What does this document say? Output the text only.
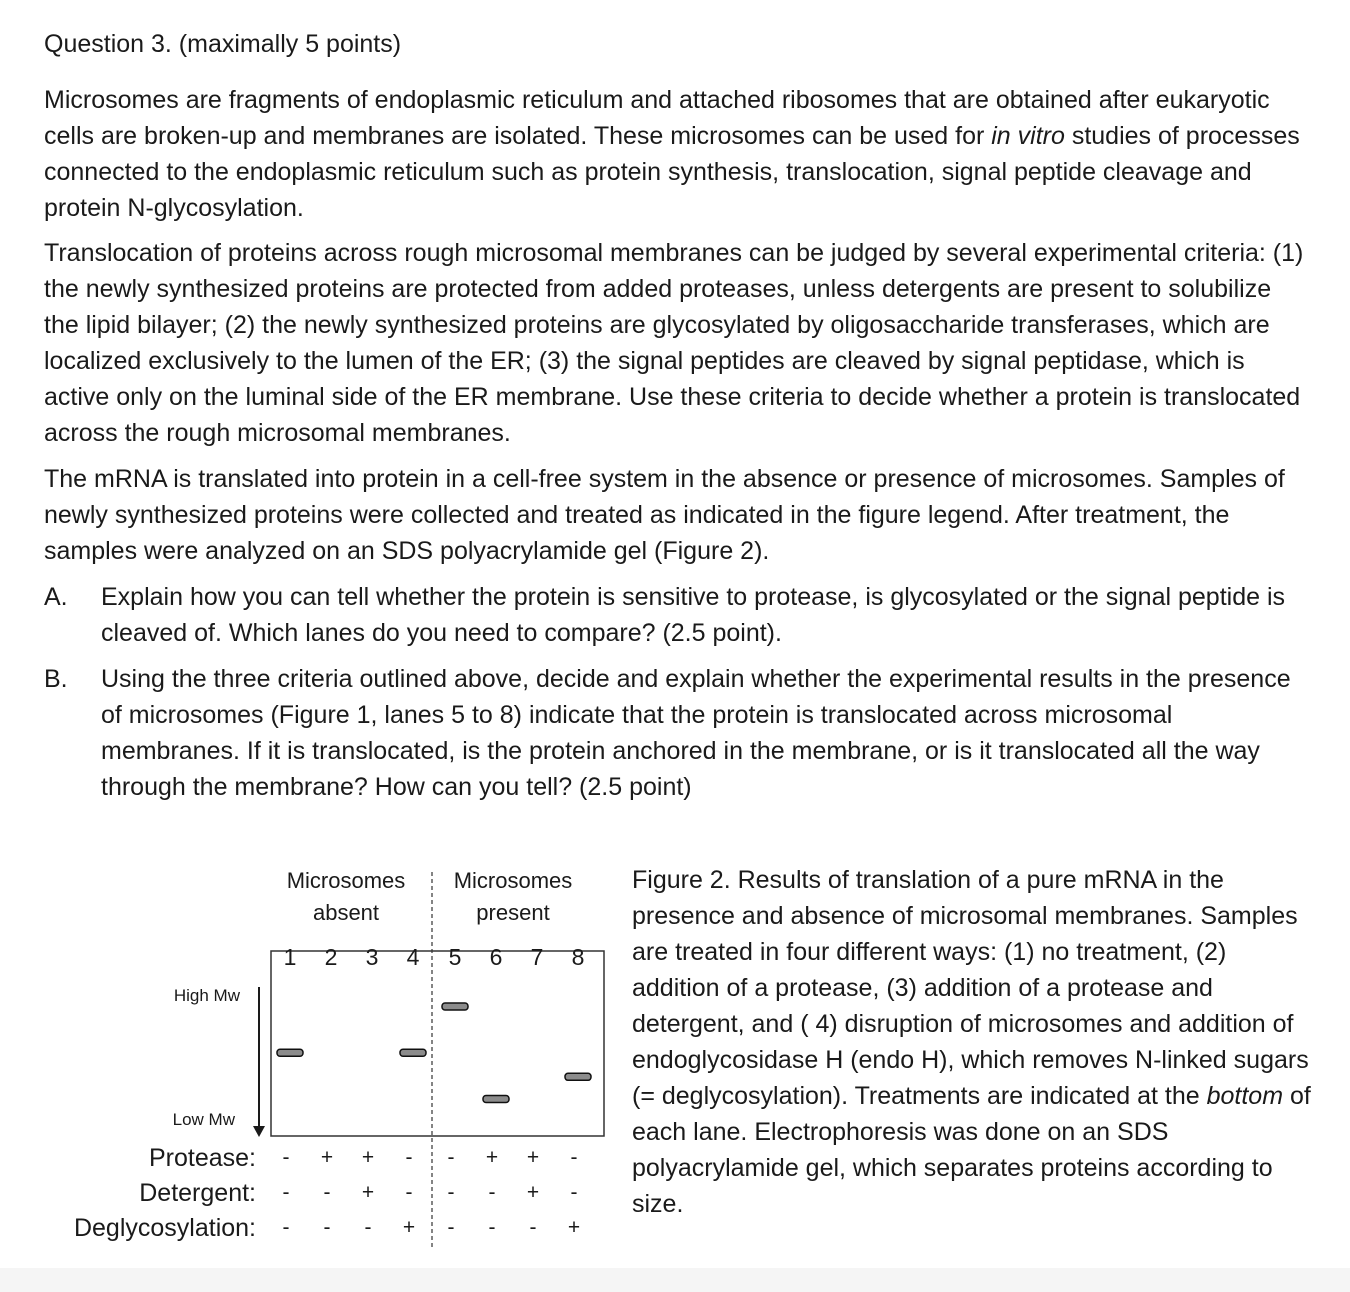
Question 3. (maximally 5 points)

Microsomes are fragments of endoplasmic reticulum and attached ribosomes that are obtained after eukaryotic cells are broken-up and membranes are isolated. These microsomes can be used for in vitro studies of processes connected to the endoplasmic reticulum such as protein synthesis, translocation, signal peptide cleavage and protein N-glycosylation.

Translocation of proteins across rough microsomal membranes can be judged by several experimental criteria: (1) the newly synthesized proteins are protected from added proteases, unless detergents are present to solubilize the lipid bilayer; (2) the newly synthesized proteins are glycosylated by oligosaccharide transferases, which are localized exclusively to the lumen of the ER; (3) the signal peptides are cleaved by signal peptidase, which is active only on the luminal side of the ER membrane. Use these criteria to decide whether a protein is translocated across the rough microsomal membranes.

The mRNA is translated into protein in a cell-free system in the absence or presence of microsomes. Samples of newly synthesized proteins were collected and treated as indicated in the figure legend. After treatment, the samples were analyzed on an SDS polyacrylamide gel (Figure 2).

A. Explain how you can tell whether the protein is sensitive to protease, is glycosylated or the signal peptide is cleaved of. Which lanes do you need to compare? (2.5 point).
B. Using the three criteria outlined above, decide and explain whether the experimental results in the presence of microsomes (Figure 1, lanes 5 to 8) indicate that the protein is translocated across microsomal membranes. If it is translocated, is the protein anchored in the membrane, or is it translocated all the way through the membrane? How can you tell? (2.5 point)
Microsomes
absent
Microsomes
present
High Mw
Low Mw
1 2 3 4 5 6 7 8
Protease: - + + - - + + -
Detergent: - - + - - - + -
Deglycosylation: - - - + - - - +

Figure 2. Results of translation of a pure mRNA in the presence and absence of microsomal membranes. Samples are treated in four different ways: (1) no treatment, (2) addition of a protease, (3) addition of a protease and detergent, and ( 4) disruption of microsomes and addition of endoglycosidase H (endo H), which removes N-linked sugars (= deglycosylation). Treatments are indicated at the bottom of each lane. Electrophoresis was done on an SDS polyacrylamide gel, which separates proteins according to size.
